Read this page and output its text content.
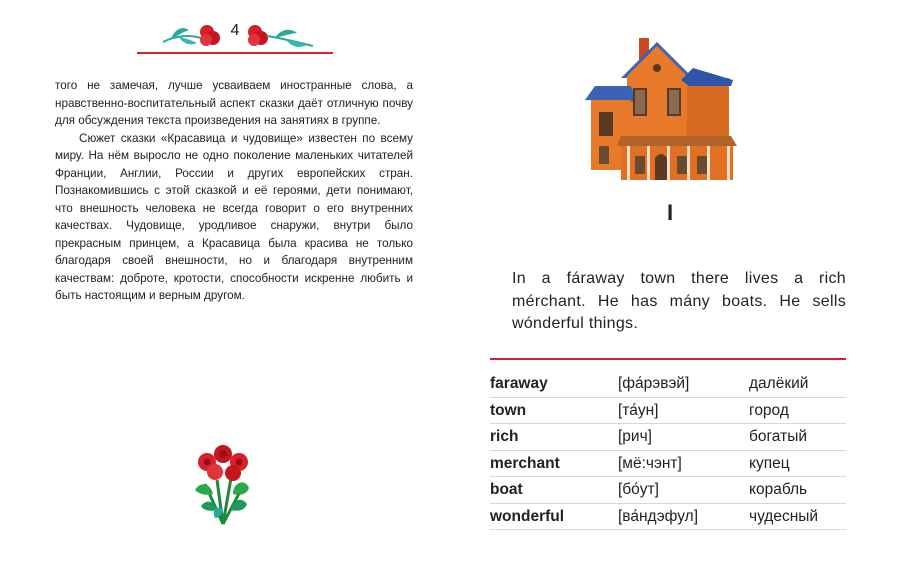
4

того не замечая, лучше усваиваем иностранные слова, а нравственно-воспитательный аспект сказки даёт отличную почву для обсуждения текста произведения на занятиях в группе.

Сюжет сказки «Красавица и чудовище» известен по всему миру. На нём выросло не одно поколение маленьких читателей Франции, Англии, России и других европейских стран. Познакомившись с этой сказкой и её героями, дети понимают, что внешность человека не всегда говорит о его внутренних качествах. Чудовище, уродливое снаружи, внутри было прекрасным принцем, а Красавица была красива не только благодаря своей внешности, но и благодаря внутренним качествам: доброте, кротости, способности искренне любить и быть настоящим и верным другом.

I
In a fáraway town there lives a rich mérchant. He has mány boats. He sells wónderful things.
faraway	[фа́рэвэй]	далёкий
town	[та́ун]	город
rich	[рич]	богатый
merchant	[мё:чэнт]	купец
boat	[бо́ут]	корабль
wonderful	[ва́ндэфул]	чудесный
